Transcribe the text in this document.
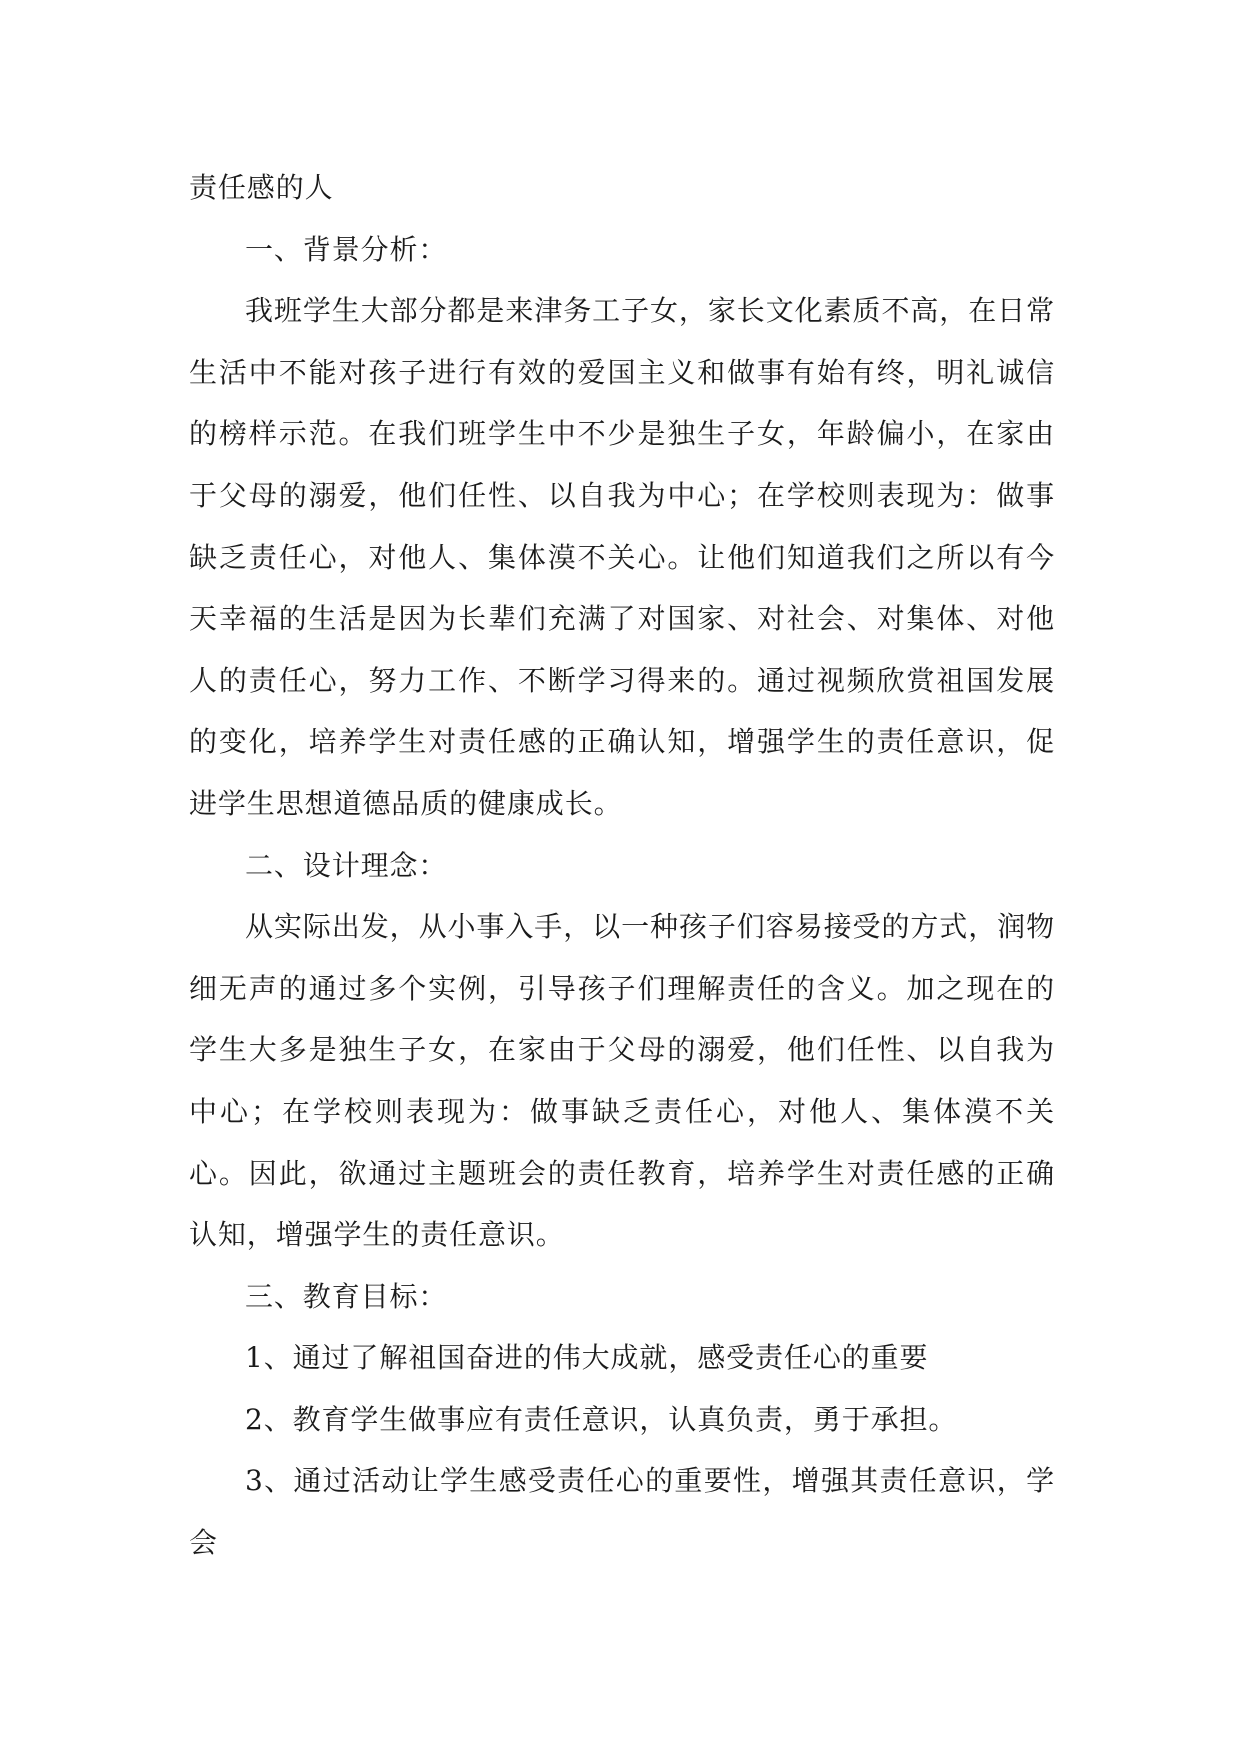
责任感的人

一、背景分析：

我班学生大部分都是来津务工子女，家长文化素质不高，在日常生活中不能对孩子进行有效的爱国主义和做事有始有终，明礼诚信的榜样示范。在我们班学生中不少是独生子女，年龄偏小，在家由于父母的溺爱，他们任性、以自我为中心；在学校则表现为：做事缺乏责任心，对他人、集体漠不关心。让他们知道我们之所以有今天幸福的生活是因为长辈们充满了对国家、对社会、对集体、对他人的责任心，努力工作、不断学习得来的。通过视频欣赏祖国发展的变化，培养学生对责任感的正确认知，增强学生的责任意识，促进学生思想道德品质的健康成长。

二、设计理念：

从实际出发，从小事入手，以一种孩子们容易接受的方式，润物细无声的通过多个实例，引导孩子们理解责任的含义。加之现在的学生大多是独生子女，在家由于父母的溺爱，他们任性、以自我为中心；在学校则表现为：做事缺乏责任心，对他人、集体漠不关心。因此，欲通过主题班会的责任教育，培养学生对责任感的正确认知，增强学生的责任意识。

三、教育目标：

1、通过了解祖国奋进的伟大成就，感受责任心的重要

2、教育学生做事应有责任意识，认真负责，勇于承担。

3、通过活动让学生感受责任心的重要性，增强其责任意识，学会
